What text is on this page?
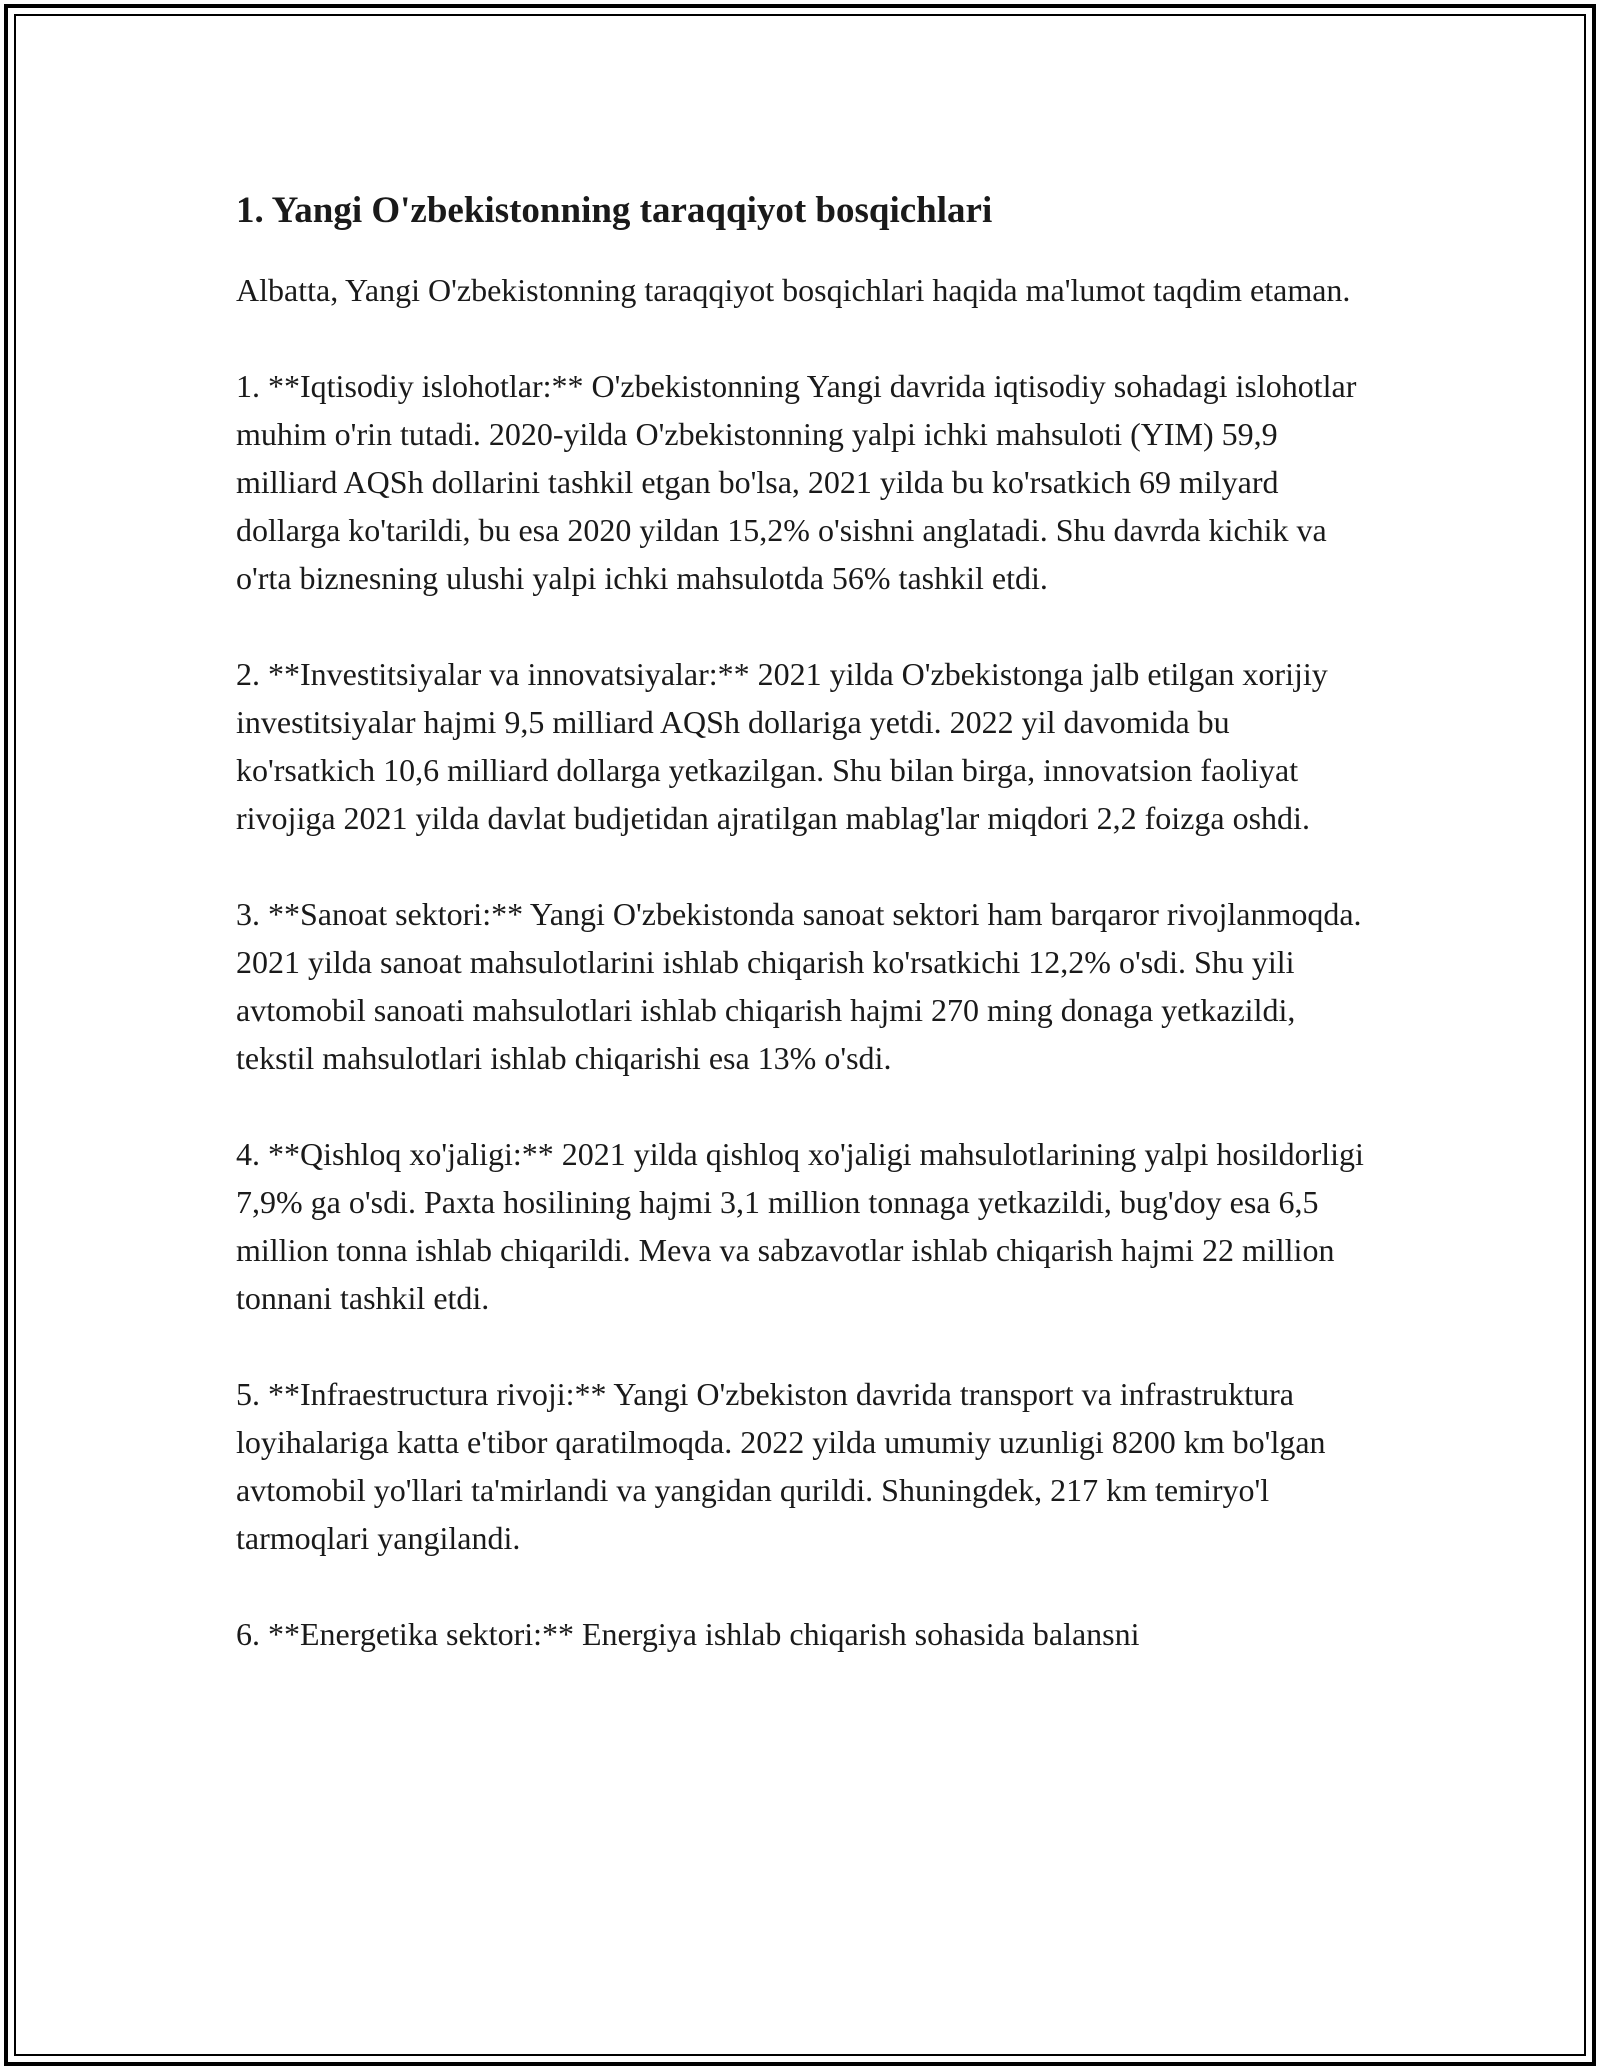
1. Yangi O'zbekistonning taraqqiyot bosqichlari

Albatta, Yangi O'zbekistonning taraqqiyot bosqichlari haqida ma'lumot taqdim etaman.

1. **Iqtisodiy islohotlar:** O'zbekistonning Yangi davrida iqtisodiy sohadagi islohotlar muhim o'rin tutadi. 2020-yilda O'zbekistonning yalpi ichki mahsuloti (YIM) 59,9 milliard AQSh dollarini tashkil etgan bo'lsa, 2021 yilda bu ko'rsatkich 69 milyard dollarga ko'tarildi, bu esa 2020 yildan 15,2% o'sishni anglatadi. Shu davrda kichik va o'rta biznesning ulushi yalpi ichki mahsulotda 56% tashkil etdi.

2. **Investitsiyalar va innovatsiyalar:** 2021 yilda O'zbekistonga jalb etilgan xorijiy investitsiyalar hajmi 9,5 milliard AQSh dollariga yetdi. 2022 yil davomida bu ko'rsatkich 10,6 milliard dollarga yetkazilgan. Shu bilan birga, innovatsion faoliyat rivojiga 2021 yilda davlat budjetidan ajratilgan mablag'lar miqdori 2,2 foizga oshdi.

3. **Sanoat sektori:** Yangi O'zbekistonda sanoat sektori ham barqaror rivojlanmoqda. 2021 yilda sanoat mahsulotlarini ishlab chiqarish ko'rsatkichi 12,2% o'sdi. Shu yili avtomobil sanoati mahsulotlari ishlab chiqarish hajmi 270 ming donaga yetkazildi, tekstil mahsulotlari ishlab chiqarishi esa 13% o'sdi.

4. **Qishloq xo'jaligi:** 2021 yilda qishloq xo'jaligi mahsulotlarining yalpi hosildorligi 7,9% ga o'sdi. Paxta hosilining hajmi 3,1 million tonnaga yetkazildi, bug'doy esa 6,5 million tonna ishlab chiqarildi. Meva va sabzavotlar ishlab chiqarish hajmi 22 million tonnani tashkil etdi.

5. **Infraestructura rivoji:** Yangi O'zbekiston davrida transport va infrastruktura loyihalariga katta e'tibor qaratilmoqda. 2022 yilda umumiy uzunligi 8200 km bo'lgan avtomobil yo'llari ta'mirlandi va yangidan qurildi. Shuningdek, 217 km temiryo'l tarmoqlari yangilandi.

6. **Energetika sektori:** Energiya ishlab chiqarish sohasida balansni
